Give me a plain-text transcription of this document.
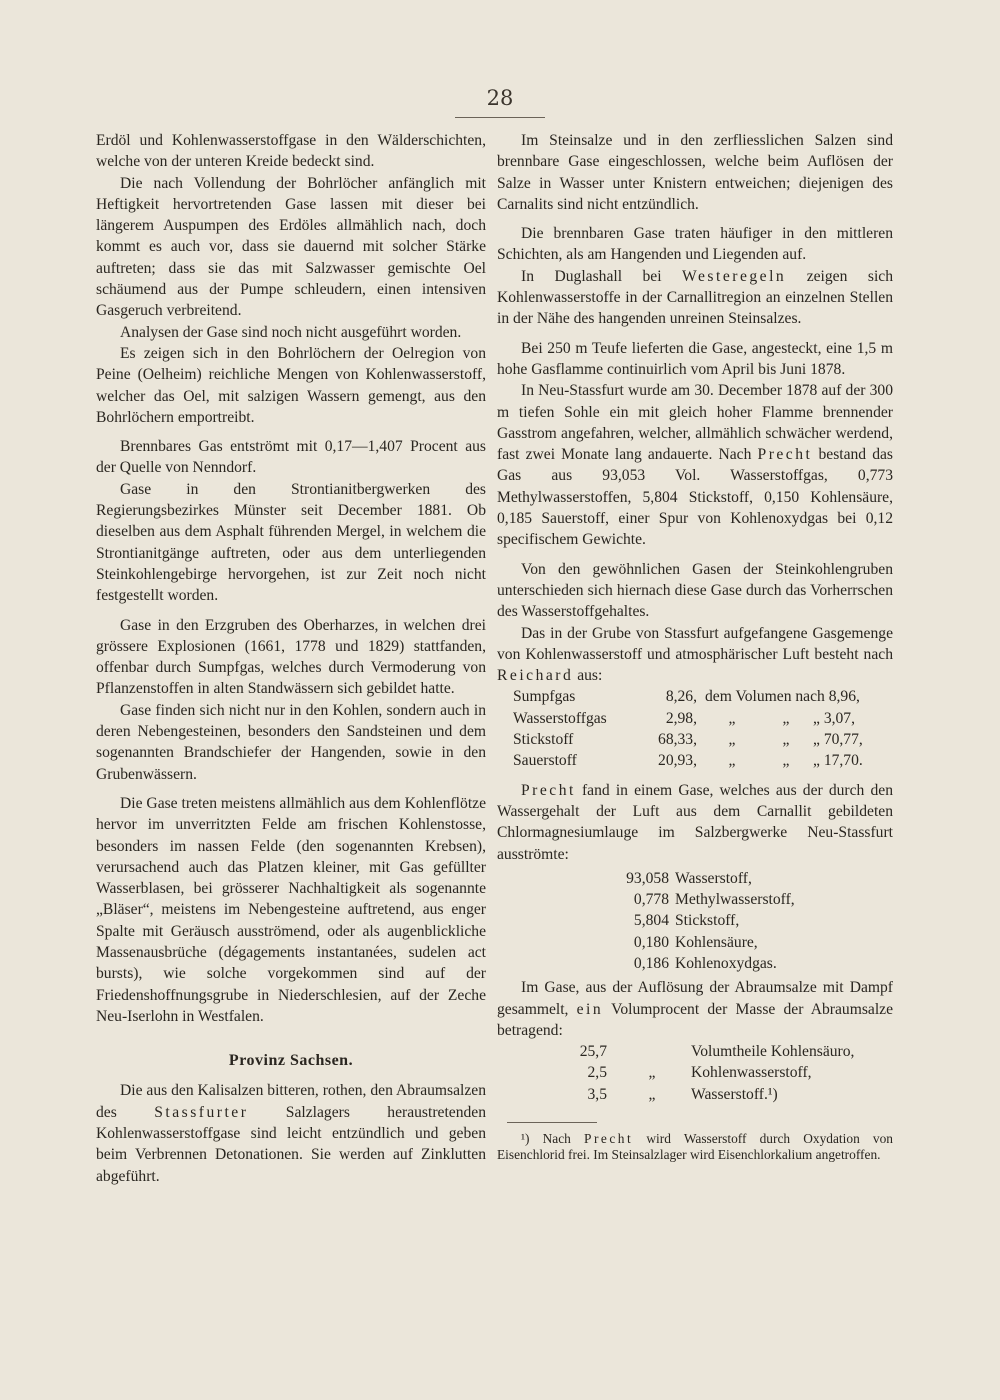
28

Erdöl und Kohlenwasserstoffgase in den Wälderschichten, welche von der unteren Kreide bedeckt sind.

Die nach Vollendung der Bohrlöcher anfänglich mit Heftigkeit hervortretenden Gase lassen mit dieser bei längerem Auspumpen des Erdöles allmählich nach, doch kommt es auch vor, dass sie dauernd mit solcher Stärke auftreten; dass sie das mit Salzwasser gemischte Oel schäumend aus der Pumpe schleudern, einen intensiven Gasgeruch verbreitend.

Analysen der Gase sind noch nicht ausgeführt worden.

Es zeigen sich in den Bohrlöchern der Oelregion von Peine (Oelheim) reichliche Mengen von Kohlenwasserstoff, welcher das Oel, mit salzigen Wassern gemengt, aus den Bohrlöchern emportreibt.

Brennbares Gas entströmt mit 0,17—1,407 Procent aus der Quelle von Nenndorf.

Gase in den Strontianitbergwerken des Regierungsbezirkes Münster seit December 1881. Ob dieselben aus dem Asphalt führenden Mergel, in welchem die Strontianitgänge auftreten, oder aus dem unterliegenden Steinkohlengebirge hervorgehen, ist zur Zeit noch nicht festgestellt worden.

Gase in den Erzgruben des Oberharzes, in welchen drei grössere Explosionen (1661, 1778 und 1829) stattfanden, offenbar durch Sumpfgas, welches durch Vermoderung von Pflanzenstoffen in alten Standwässern sich gebildet hatte.

Gase finden sich nicht nur in den Kohlen, sondern auch in deren Nebengesteinen, besonders den Sandsteinen und dem sogenannten Brandschiefer der Hangenden, sowie in den Grubenwässern.

Die Gase treten meistens allmählich aus dem Kohlenflötze hervor im unverritzten Felde am frischen Kohlenstosse, besonders im nassen Felde (den sogenannten Krebsen), verursachend auch das Platzen kleiner, mit Gas gefüllter Wasserblasen, bei grösserer Nachhaltigkeit als sogenannte „Bläser“, meistens im Nebengesteine auftretend, aus enger Spalte mit Geräusch ausströmend, oder als augenblickliche Massenausbrüche (dégagements instantanées, sudelen act bursts), wie solche vorgekommen sind auf der Friedenshoffnungsgrube in Niederschlesien, auf der Zeche Neu-Iserlohn in Westfalen.

Provinz Sachsen.

Die aus den Kalisalzen bitteren, rothen, den Abraumsalzen des Stassfurter Salzlagers heraustretenden Kohlenwasserstoffgase sind leicht entzündlich und geben beim Verbrennen Detonationen. Sie werden auf Zinklutten abgeführt.

Im Steinsalze und in den zerfliesslichen Salzen sind brennbare Gase eingeschlossen, welche beim Auflösen der Salze in Wasser unter Knistern entweichen; diejenigen des Carnalits sind nicht entzündlich.

Die brennbaren Gase traten häufiger in den mittleren Schichten, als am Hangenden und Liegenden auf.

In Duglashall bei Westeregeln zeigen sich Kohlenwasserstoffe in der Carnallitregion an einzelnen Stellen in der Nähe des hangenden unreinen Steinsalzes.

Bei 250 m Teufe lieferten die Gase, angesteckt, eine 1,5 m hohe Gasflamme continuirlich vom April bis Juni 1878.

In Neu-Stassfurt wurde am 30. December 1878 auf der 300 m tiefen Sohle ein mit gleich hoher Flamme brennender Gasstrom angefahren, welcher, allmählich schwächer werdend, fast zwei Monate lang andauerte. Nach Precht bestand das Gas aus 93,053 Vol. Wasserstoffgas, 0,773 Methylwasserstoffen, 5,804 Stickstoff, 0,150 Kohlensäure, 0,185 Sauerstoff, einer Spur von Kohlenoxydgas bei 0,12 specifischem Gewichte.

Von den gewöhnlichen Gasen der Steinkohlengruben unterschieden sich hiernach diese Gase durch das Vorherrschen des Wasserstoffgehaltes.

Das in der Grube von Stassfurt aufgefangene Gasgemenge von Kohlenwasserstoff und atmosphärischer Luft besteht nach Reichard aus:

Sumpfgas	8,26,	dem Volumen nach 8,96,
Wasserstoffgas	2,98,	„ „ „ 3,07,
Stickstoff	68,33,	„ „ „ 70,77,
Sauerstoff	20,93,	„ „ „ 17,70.

Precht fand in einem Gase, welches aus der durch den Wassergehalt der Luft aus dem Carnallit gebildeten Chlormagnesiumlauge im Salzbergwerke Neu-Stassfurt ausströmte:

93,058 Wasserstoff,
0,778 Methylwasserstoff,
5,804 Stickstoff,
0,180 Kohlensäure,
0,186 Kohlenoxydgas.

Im Gase, aus der Auflösung der Abraumsalze mit Dampf gesammelt, ein Volumprocent der Masse der Abraumsalze betragend:

25,7		Volumtheile Kohlensäuro,
2,5	„	Kohlenwasserstoff,
3,5	„	Wasserstoff.¹)

¹) Nach Precht wird Wasserstoff durch Oxydation von Eisenchlorid frei. Im Steinsalzlager wird Eisenchlorkalium angetroffen.
